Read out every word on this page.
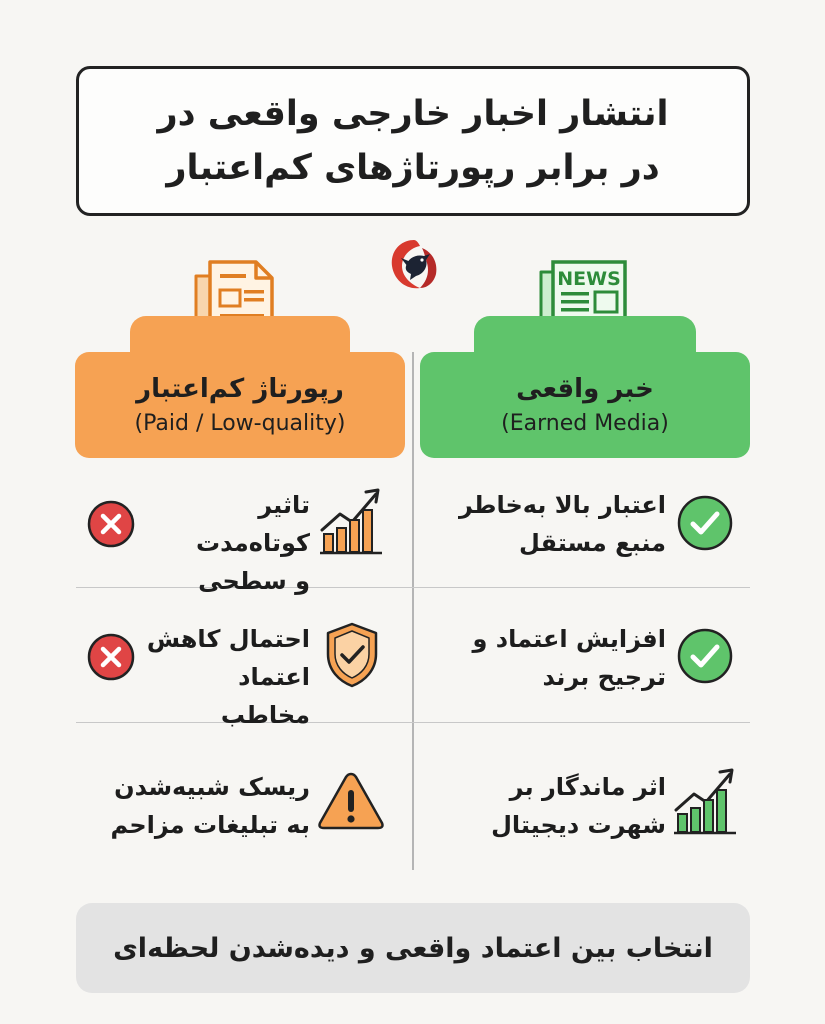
انتشار اخبار خارجی واقعی در
در برابر رپورتاژهای کم‌اعتبار
NEWS
رپورتاژ کم‌اعتبار
(Paid / Low-quality)
خبر واقعی
(Earned Media)
اعتبار بالا به‌خاطر
منبع مستقل
افزایش اعتماد و
ترجیح برند
اثر ماندگار بر
شهرت دیجیتال
تاثیر کوتاه‌مدت
و سطحی
احتمال کاهش
اعتماد مخاطب
ریسک شبیه‌شدن
به تبلیغات مزاحم
انتخاب بین اعتماد واقعی و دیده‌شدن لحظه‌ای
